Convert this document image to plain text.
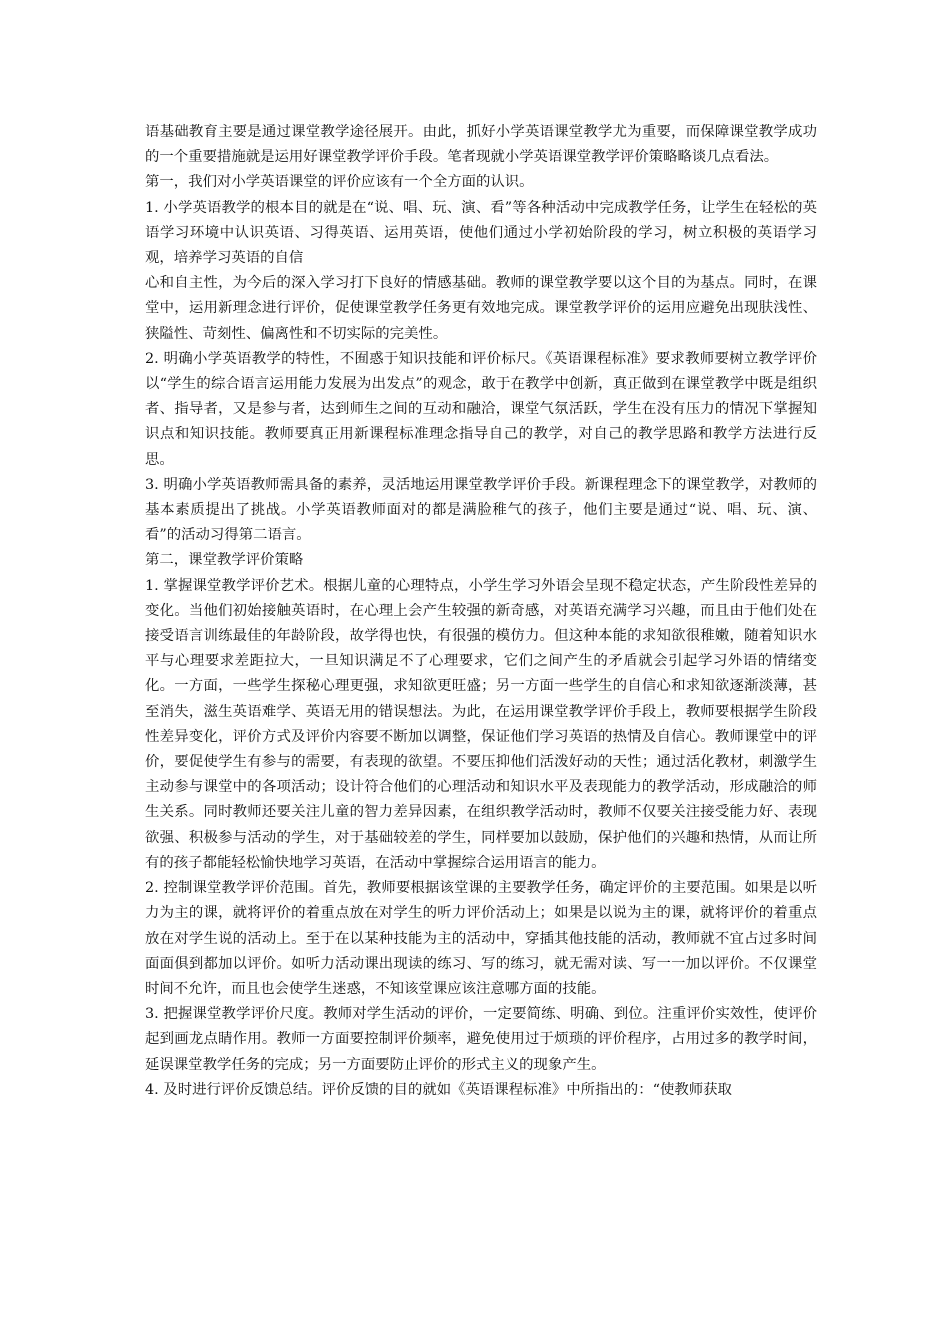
语基础教育主要是通过课堂教学途径展开。由此，抓好小学英语课堂教学尤为重要，而保障课堂教学成功的一个重要措施就是运用好课堂教学评价手段。笔者现就小学英语课堂教学评价策略略谈几点看法。

第一，我们对小学英语课堂的评价应该有一个全方面的认识。

1. 小学英语教学的根本目的就是在“说、唱、玩、演、看”等各种活动中完成教学任务，让学生在轻松的英语学习环境中认识英语、习得英语、运用英语，使他们通过小学初始阶段的学习，树立积极的英语学习观，培养学习英语的自信

心和自主性，为今后的深入学习打下良好的情感基础。教师的课堂教学要以这个目的为基点。同时，在课堂中，运用新理念进行评价，促使课堂教学任务更有效地完成。课堂教学评价的运用应避免出现肤浅性、狭隘性、苛刻性、偏离性和不切实际的完美性。

2. 明确小学英语教学的特性，不囿惑于知识技能和评价标尺。《英语课程标准》要求教师要树立教学评价以“学生的综合语言运用能力发展为出发点”的观念，敢于在教学中创新，真正做到在课堂教学中既是组织者、指导者，又是参与者，达到师生之间的互动和融洽，课堂气氛活跃，学生在没有压力的情况下掌握知识点和知识技能。教师要真正用新课程标准理念指导自己的教学，对自己的教学思路和教学方法进行反思。

3. 明确小学英语教师需具备的素养，灵活地运用课堂教学评价手段。新课程理念下的课堂教学，对教师的基本素质提出了挑战。小学英语教师面对的都是满脸稚气的孩子，他们主要是通过“说、唱、玩、演、看”的活动习得第二语言。

第二，课堂教学评价策略

1. 掌握课堂教学评价艺术。根据儿童的心理特点，小学生学习外语会呈现不稳定状态，产生阶段性差异的变化。当他们初始接触英语时，在心理上会产生较强的新奇感，对英语充满学习兴趣，而且由于他们处在接受语言训练最佳的年龄阶段，故学得也快，有很强的模仿力。但这种本能的求知欲很稚嫩，随着知识水平与心理要求差距拉大，一旦知识满足不了心理要求，它们之间产生的矛盾就会引起学习外语的情绪变化。一方面，一些学生探秘心理更强，求知欲更旺盛；另一方面一些学生的自信心和求知欲逐渐淡薄，甚至消失，滋生英语难学、英语无用的错误想法。为此，在运用课堂教学评价手段上，教师要根据学生阶段性差异变化，评价方式及评价内容要不断加以调整，保证他们学习英语的热情及自信心。教师课堂中的评价，要促使学生有参与的需要，有表现的欲望。不要压抑他们活泼好动的天性；通过活化教材，刺激学生主动参与课堂中的各项活动；设计符合他们的心理活动和知识水平及表现能力的教学活动，形成融洽的师生关系。同时教师还要关注儿童的智力差异因素，在组织教学活动时，教师不仅要关注接受能力好、表现欲强、积极参与活动的学生，对于基础较差的学生，同样要加以鼓励，保护他们的兴趣和热情，从而让所有的孩子都能轻松愉快地学习英语，在活动中掌握综合运用语言的能力。

2. 控制课堂教学评价范围。首先，教师要根据该堂课的主要教学任务，确定评价的主要范围。如果是以听力为主的课，就将评价的着重点放在对学生的听力评价活动上；如果是以说为主的课，就将评价的着重点放在对学生说的活动上。至于在以某种技能为主的活动中，穿插其他技能的活动，教师就不宜占过多时间面面俱到都加以评价。如听力活动课出现读的练习、写的练习，就无需对读、写一一加以评价。不仅课堂时间不允许，而且也会使学生迷惑，不知该堂课应该注意哪方面的技能。

3. 把握课堂教学评价尺度。教师对学生活动的评价，一定要简练、明确、到位。注重评价实效性，使评价起到画龙点睛作用。教师一方面要控制评价频率，避免使用过于烦琐的评价程序，占用过多的教学时间，延误课堂教学任务的完成；另一方面要防止评价的形式主义的现象产生。

4. 及时进行评价反馈总结。评价反馈的目的就如《英语课程标准》中所指出的：“使教师获取
